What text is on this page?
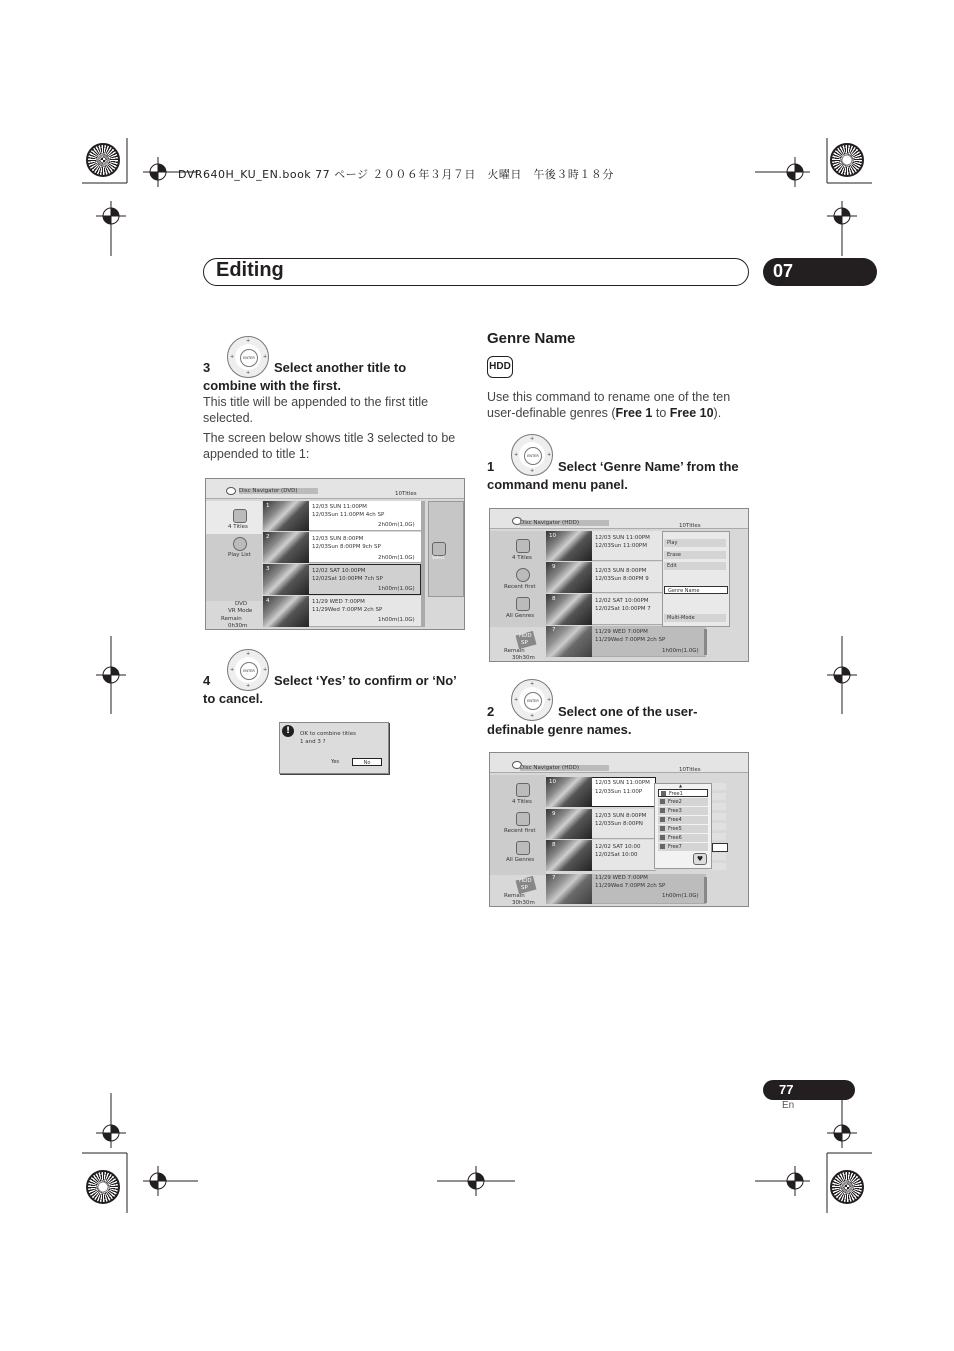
DVR640H_KU_EN.book 77 ページ ２００６年３月７日　火曜日　午後３時１８分
Editing	07
+
+
+	+
ENTER
3	Select another title to
combine with the first.
This title will be appended to the first title
selected.
The screen below shows title 3 selected to be
appended to title 1:
Disc Navigator (DVD)	10Titles
4 Titles
Play List
DVD
VR Mode
Remain
0h30m
1	12/03 SUN 11:00PM
12/03Sun 11:00PM 4ch SP
2h00m(1.0G)
2	12/03 SUN 8:00PM
12/03Sun 8:00PM 9ch SP
2h00m(1.0G)
3	12/02 SAT 10:00PM
12/02Sat 10:00PM 7ch SP
1h00m(1.0G)
4	11/29 WED 7:00PM
11/29Wed 7:00PM 2ch SP
1h00m(1.0G)
Select
+
+
+	+
ENTER
4	Select ‘Yes’ to confirm or ‘No’
to cancel.
!	OK to combine titles
1 and 3 ?
Yes	No
Genre Name
HDD
Use this command to rename one of the ten
user-definable genres (Free 1 to Free 10).
+
+
+	+
ENTER
1	Select ‘Genre Name’ from the
command menu panel.
Disc Navigator (HDD)	10Titles
4 Titles
Recent first
All Genres
HDD
SP
Remain
30h30m
10	12/03 SUN 11:00PM
12/03Sun 11:00PM
9
12/03 SUN 8:00PM
12/03Sun 8:00PM 9
8	12/02 SAT 10:00PM
12/02Sat 10:00PM 7
7	11/29 WED 7:00PM
11/29Wed 7:00PM 2ch SP
1h00m(1.0G)
Play
Erase
Edit
Genre Name
Multi-Mode
+
+
+	+
ENTER
2	Select one of the user-
definable genre names.
Disc Navigator (HDD)	10Titles
4 Titles
Recent first
All Genres
HDD
SP
Remain
30h30m
10	12/03 SUN 11:00PM
12/03Sun 11:00P
9	12/03 SUN 8:00PM
12/03Sun 8:00PN
8	12/02 SAT 10:00
12/02Sat 10:00
7	11/29 WED 7:00PM
11/29Wed 7:00PM 2ch SP
1h00m(1.0G)
▲
Free1
Free2
Free3
Free4
Free5
Free6
Free7
♥
77
En
